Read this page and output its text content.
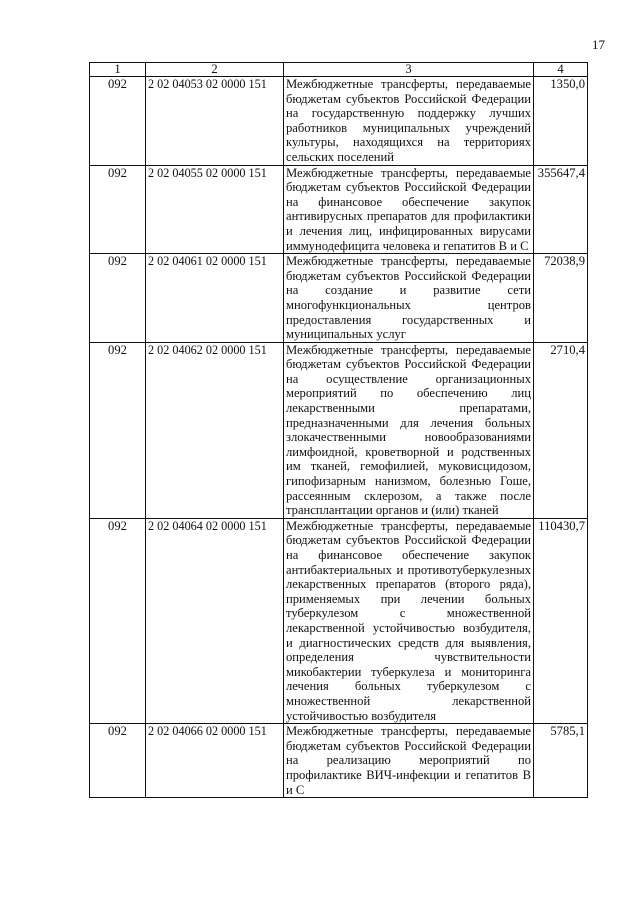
17
1	2	3	4
092	2 02 04053 02 0000 151	Межбюджетные трансферты, передаваемые бюджетам субъектов Российской Федерации на государственную поддержку лучших работников муниципальных учреждений культуры, находящихся на территориях сельских поселений	1350,0
092	2 02 04055 02 0000 151	Межбюджетные трансферты, передаваемые бюджетам субъектов Российской Федерации на финансовое обеспечение закупок антивирусных препаратов для профилактики и лечения лиц, инфицированных вирусами иммунодефицита человека и гепатитов В и С	355647,4
092	2 02 04061 02 0000 151	Межбюджетные трансферты, передаваемые бюджетам субъектов Российской Федерации на создание и развитие сети многофункциональных центров предоставления государственных и муниципальных услуг	72038,9
092	2 02 04062 02 0000 151	Межбюджетные трансферты, передаваемые бюджетам субъектов Российской Федерации на осуществление организационных мероприятий по обеспечению лиц лекарственными препаратами, предназначенными для лечения больных злокачественными новообразованиями лимфоидной, кроветворной и родственных им тканей, гемофилией, муковисцидозом, гипофизарным нанизмом, болезнью Гоше, рассеянным склерозом, а также после трансплантации органов и (или) тканей	2710,4
092	2 02 04064 02 0000 151	Межбюджетные трансферты, передаваемые бюджетам субъектов Российской Федерации на финансовое обеспечение закупок антибактериальных и противотуберкулезных лекарственных препаратов (второго ряда), применяемых при лечении больных туберкулезом с множественной лекарственной устойчивостью возбудителя, и диагностических средств для выявления, определения чувствительности микобактерии туберкулеза и мониторинга лечения больных туберкулезом с множественной лекарственной устойчивостью возбудителя	110430,7
092	2 02 04066 02 0000 151	Межбюджетные трансферты, передаваемые бюджетам субъектов Российской Федерации на реализацию мероприятий по профилактике ВИЧ-инфекции и гепатитов В и С	5785,1
